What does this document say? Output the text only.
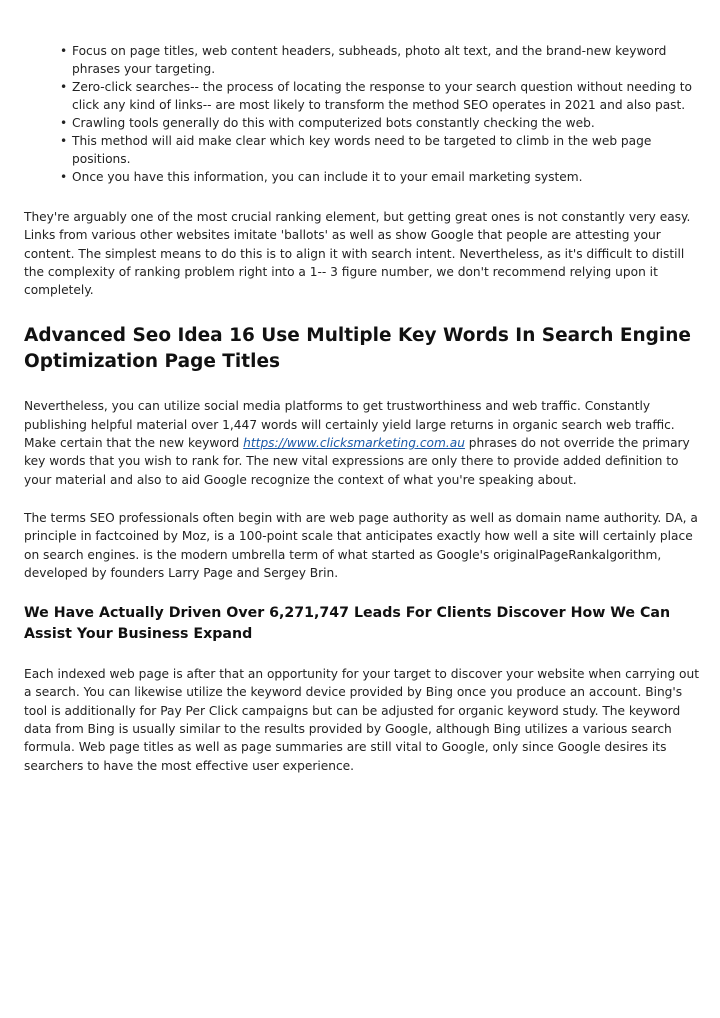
• Focus on page titles, web content headers, subheads, photo alt text, and the brand-new keyword phrases your targeting.
• Zero-click searches-- the process of locating the response to your search question without needing to click any kind of links-- are most likely to transform the method SEO operates in 2021 and also past.
• Crawling tools generally do this with computerized bots constantly checking the web.
• This method will aid make clear which key words need to be targeted to climb in the web page positions.
• Once you have this information, you can include it to your email marketing system.

They're arguably one of the most crucial ranking element, but getting great ones is not constantly very easy. Links from various other websites imitate 'ballots' as well as show Google that people are attesting your content. The simplest means to do this is to align it with search intent. Nevertheless, as it's difficult to distill the complexity of ranking problem right into a 1-- 3 figure number, we don't recommend relying upon it completely.

Advanced Seo Idea 16 Use Multiple Key Words In Search Engine Optimization Page Titles

Nevertheless, you can utilize social media platforms to get trustworthiness and web traffic. Constantly publishing helpful material over 1,447 words will certainly yield large returns in organic search web traffic. Make certain that the new keyword https://www.clicksmarketing.com.au phrases do not override the primary key words that you wish to rank for. The new vital expressions are only there to provide added definition to your material and also to aid Google recognize the context of what you're speaking about.

The terms SEO professionals often begin with are web page authority as well as domain name authority. DA, a principle in factcoined by Moz, is a 100-point scale that anticipates exactly how well a site will certainly place on search engines. is the modern umbrella term of what started as Google's originalPageRankalgorithm, developed by founders Larry Page and Sergey Brin.

We Have Actually Driven Over 6,271,747 Leads For Clients Discover How We Can Assist Your Business Expand

Each indexed web page is after that an opportunity for your target to discover your website when carrying out a search. You can likewise utilize the keyword device provided by Bing once you produce an account. Bing's tool is additionally for Pay Per Click campaigns but can be adjusted for organic keyword study. The keyword data from Bing is usually similar to the results provided by Google, although Bing utilizes a various search formula. Web page titles as well as page summaries are still vital to Google, only since Google desires its searchers to have the most effective user experience.
